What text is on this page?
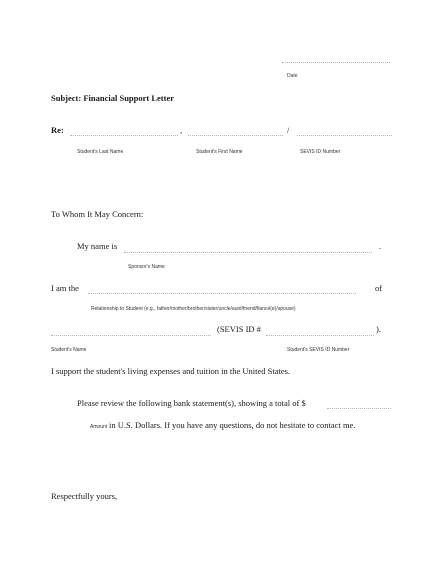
Date
Subject: Financial Support Letter
Re:	,	/
Student's Last Name	Student's First Name	SEVIS ID Number
To Whom It May Concern:
My name is	.
Sponsor's Name
I am the	of
Relationship to Student (e.g., father/mother/brother/sister/uncle/aunt/friend/fiancé(e)/spouse)
(SEVIS ID #	).
Student's Name	Student's SEVIS ID Number
I support the student's living expenses and tuition in the United States.
Please review the following bank statement(s), showing a total of $
Amount in U.S. Dollars. If you have any questions, do not hesitate to contact me.
Respectfully yours,
